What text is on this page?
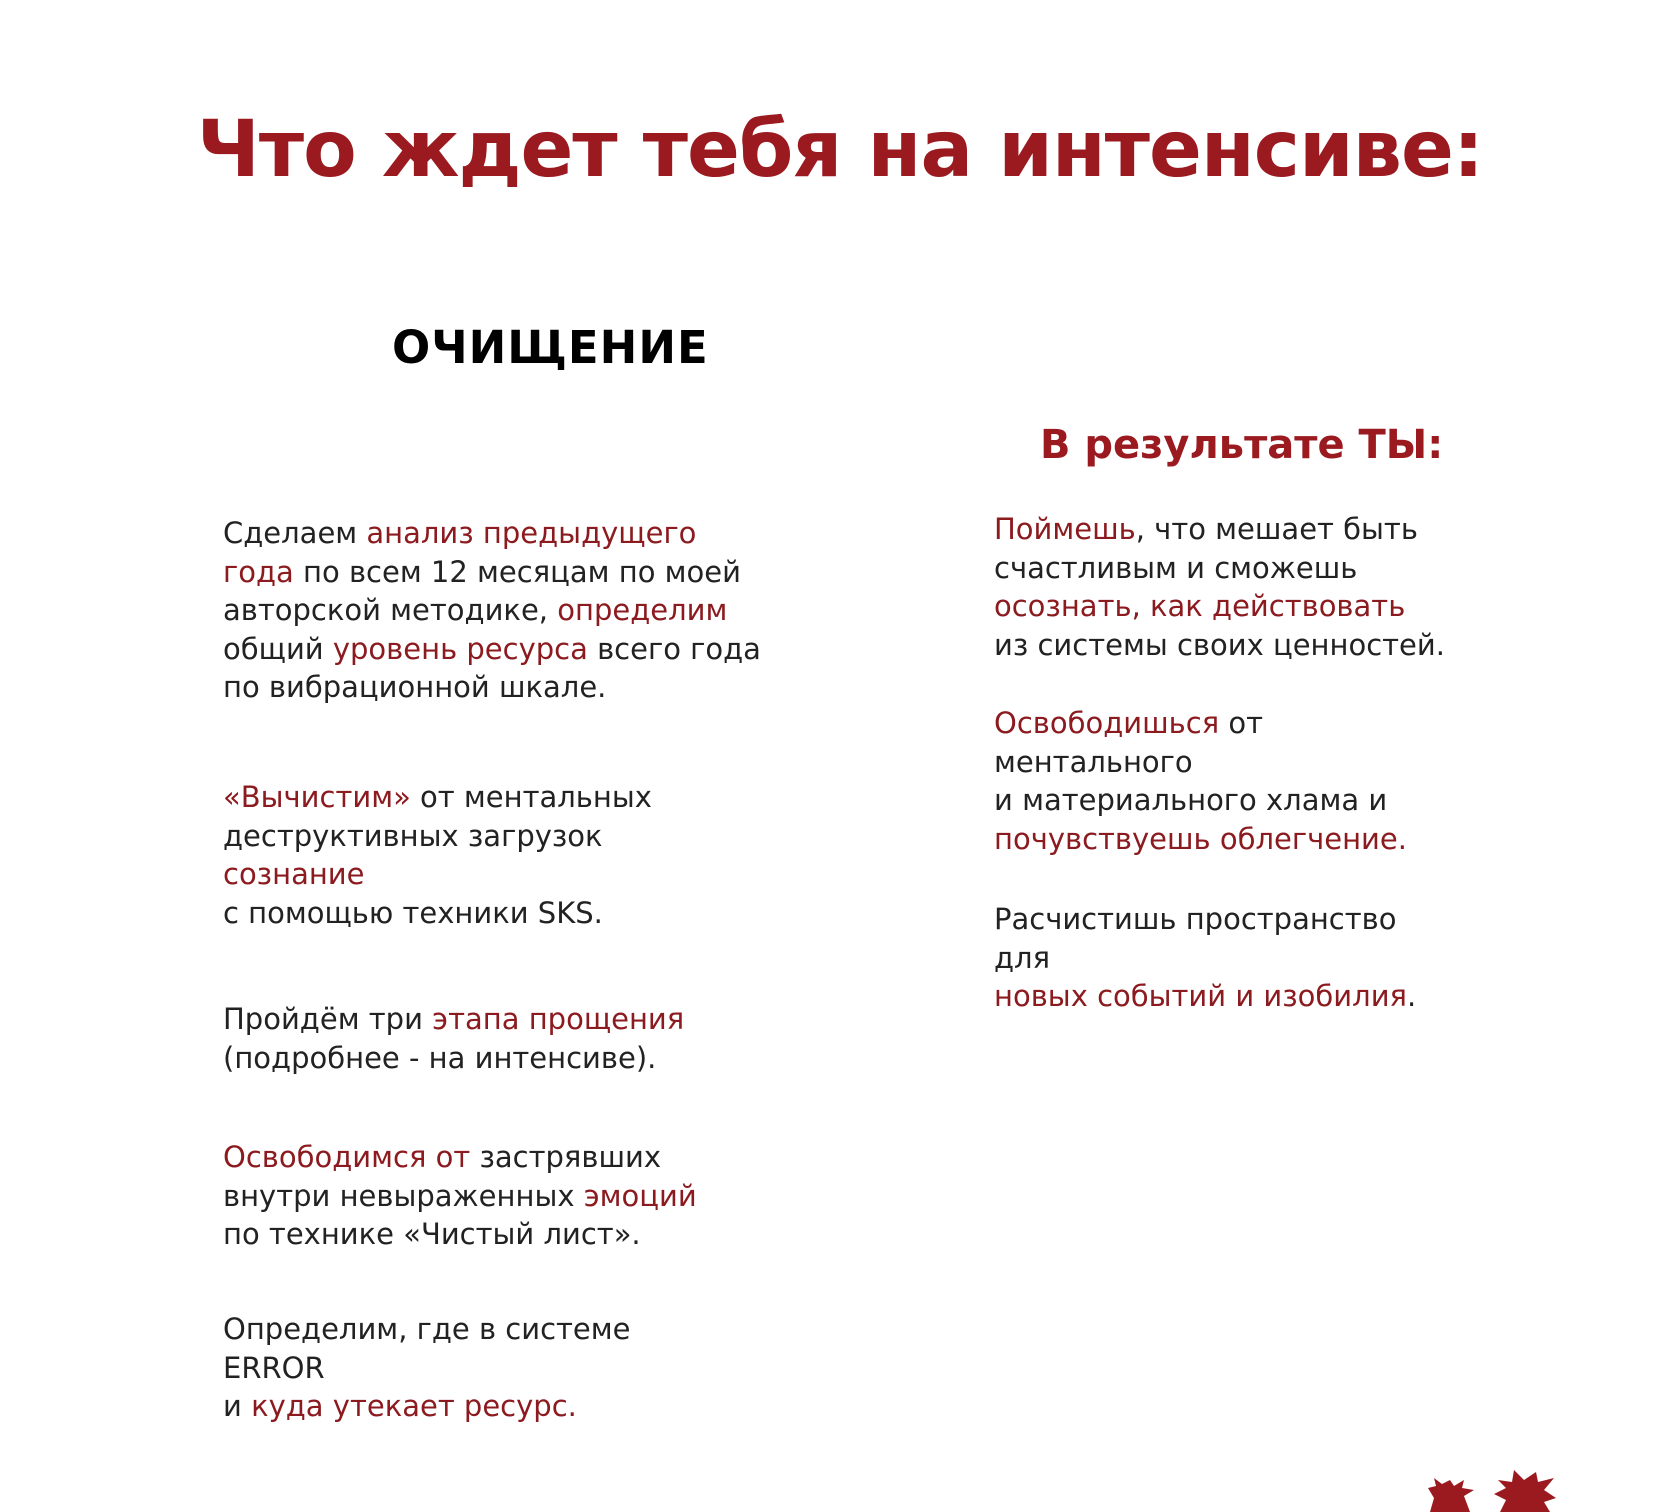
Что ждет тебя на интенсиве:
ОЧИЩЕНИЕ
В результате ТЫ:

Сделаем анализ предыдущего
года по всем 12 месяцам по моей
авторской методике, определим
общий уровень ресурса всего года
по вибрационной шкале.

«Вычистим» от ментальных
деструктивных загрузок
сознание
с помощью техники SKS.

Пройдём три этапа прощения
(подробнее - на интенсиве).

Освободимся от застрявших
внутри невыраженных эмоций
по технике «Чистый лист».

Определим, где в системе
ERROR
и куда утекает ресурс.

Поймешь, что мешает быть
счастливым и сможешь
осознать, как действовать
из системы своих ценностей.

Освободишься от
ментального
и материального хлама и
почувствуешь облегчение.

Расчистишь пространство
для
новых событий и изобилия.
